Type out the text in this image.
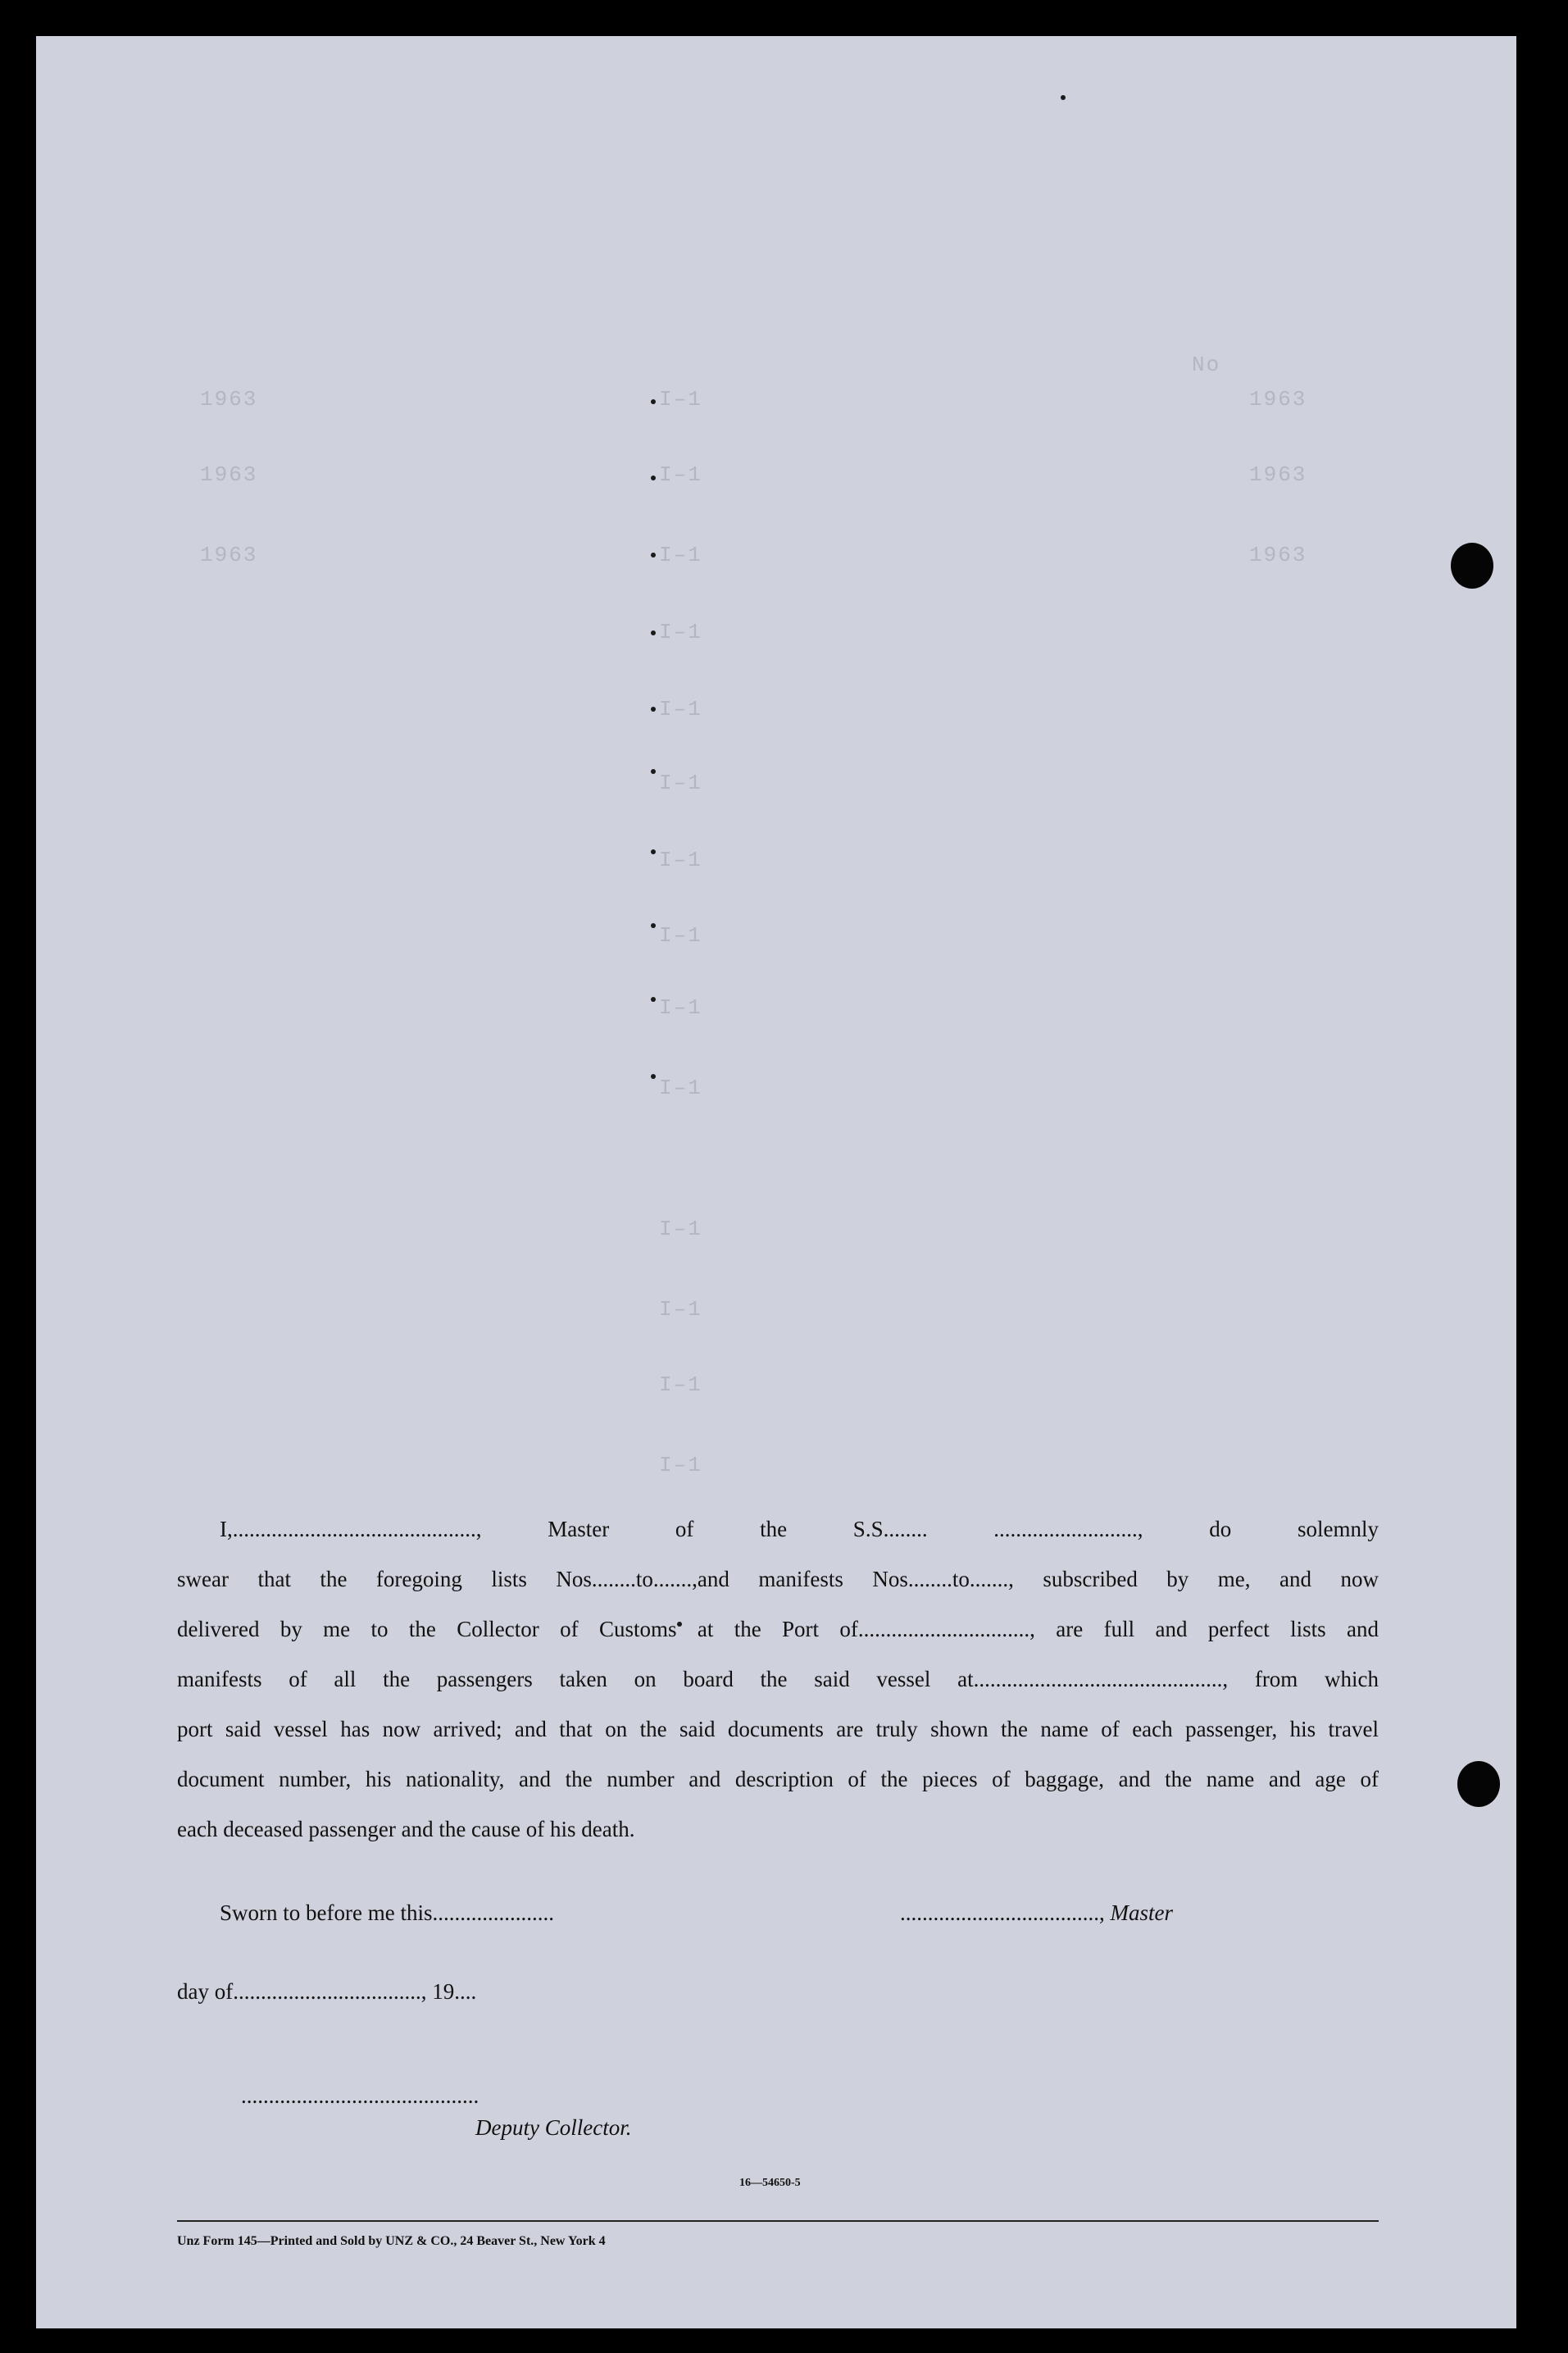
I–1
I–1
I–1
I–1
I–1
I–1
I–1
I–1
I–1
I–1
I–1
I–1
I–1
I–1
1963
1963
1963
1963
1963
1963
No
I,............................................, Master of the S.S........ .........................., do solemnly
swear that the foregoing lists Nos........to.......,and manifests Nos........to......., subscribed by me, and now
delivered by me to the Collector of Customs at the Port of..............................., are full and perfect lists and
manifests of all the passengers taken on board the said vessel at............................................., from which
port said vessel has now arrived; and that on the said documents are truly shown the name of each passenger, his travel
document number, his nationality, and the number and description of the pieces of baggage, and the name and age of
each deceased passenger and the cause of his death.
Sworn to before me this......................	...................................., Master
day of.................................., 19....
...........................................
Deputy Collector.
16—54650-5
Unz Form 145—Printed and Sold by UNZ & CO., 24 Beaver St., New York 4
